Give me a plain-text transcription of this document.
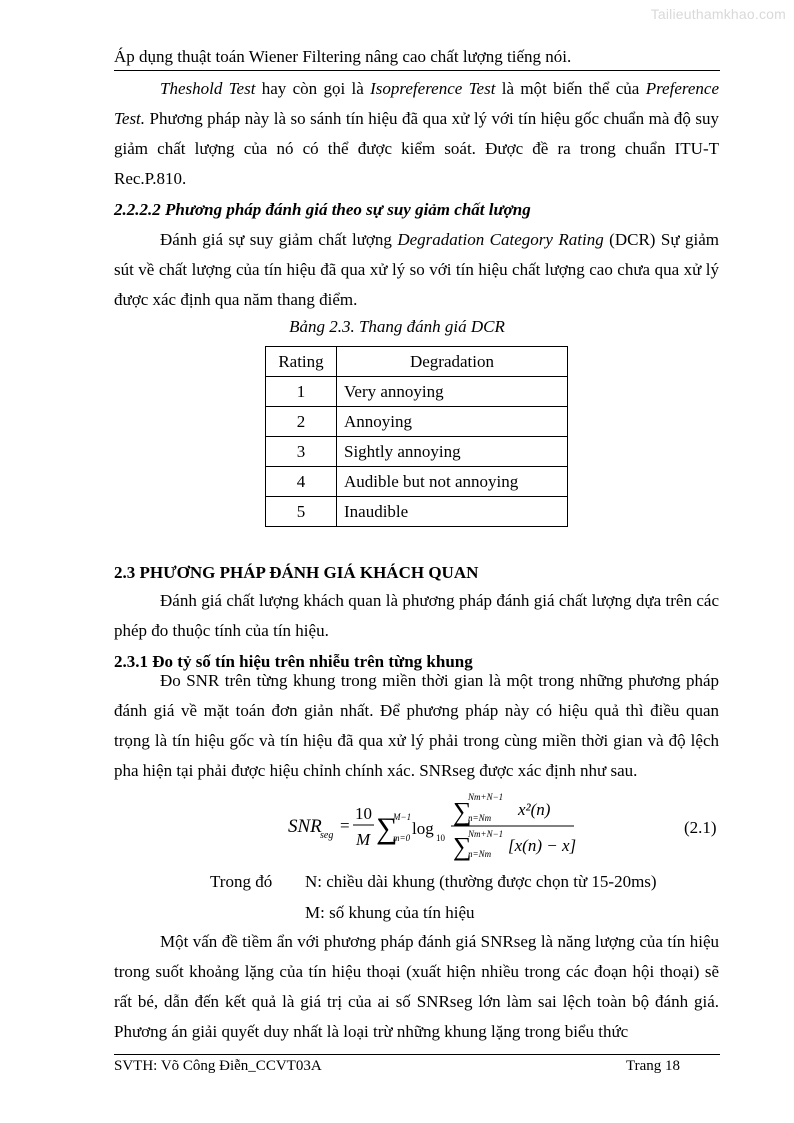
Tailieuthamkhao.com
Áp dụng thuật toán Wiener Filtering nâng cao chất lượng tiếng nói.

Theshold Test hay còn gọi là Isopreference Test là một biến thể của Preference Test. Phương pháp này là so sánh tín hiệu đã qua xử lý với tín hiệu gốc chuẩn mà độ suy giảm chất lượng của nó có thể được kiểm soát. Được đề ra trong chuẩn ITU-T Rec.P.810.

2.2.2.2 Phương pháp đánh giá theo sự suy giảm chất lượng

Đánh giá sự suy giảm chất lượng Degradation Category Rating (DCR) Sự giảm sút về chất lượng của tín hiệu đã qua xử lý so với tín hiệu chất lượng cao chưa qua xử lý được xác định qua năm thang điểm.

Bảng 2.3. Thang đánh giá DCR
Rating	Degradation
1	Very annoying
2	Annoying
3	Sightly annoying
4	Audible but not annoying
5	Inaudible
2.3 PHƯƠNG PHÁP ĐÁNH GIÁ KHÁCH QUAN

Đánh giá chất lượng khách quan là phương pháp đánh giá chất lượng dựa trên các phép đo thuộc tính của tín hiệu.

2.3.1 Đo tỷ số tín hiệu trên nhiễu trên từng khung

Đo SNR trên từng khung trong miền thời gian là một trong những phương pháp đánh giá về mặt toán đơn giản nhất. Để phương pháp này có hiệu quả thì điều quan trọng là tín hiệu gốc và tín hiệu đã qua xử lý phải trong cùng miền thời gian và độ lệch pha hiện tại phải được hiệu chỉnh chính xác. SNRseg được xác định như sau.

SNR
seg
=
10
M ∑
M−1
m=0 log 10
∑
Nm+N−1
n=Nm x²(n)
∑
Nm+N−1
n=Nm [x(n) − x]
(2.1)
Trong đó N: chiều dài khung (thường được chọn từ 15-20ms)
M: số khung của tín hiệu

Một vấn đề tiềm ẩn với phương pháp đánh giá SNRseg là năng lượng của tín hiệu trong suốt khoảng lặng của tín hiệu thoại (xuất hiện nhiều trong các đoạn hội thoại) sẽ rất bé, dẫn đến kết quả là giá trị của ai số SNRseg lớn làm sai lệch toàn bộ đánh giá. Phương án giải quyết duy nhất là loại trừ những khung lặng trong biểu thức

SVTH: Võ Công Điễn_CCVT03A	Trang 18
